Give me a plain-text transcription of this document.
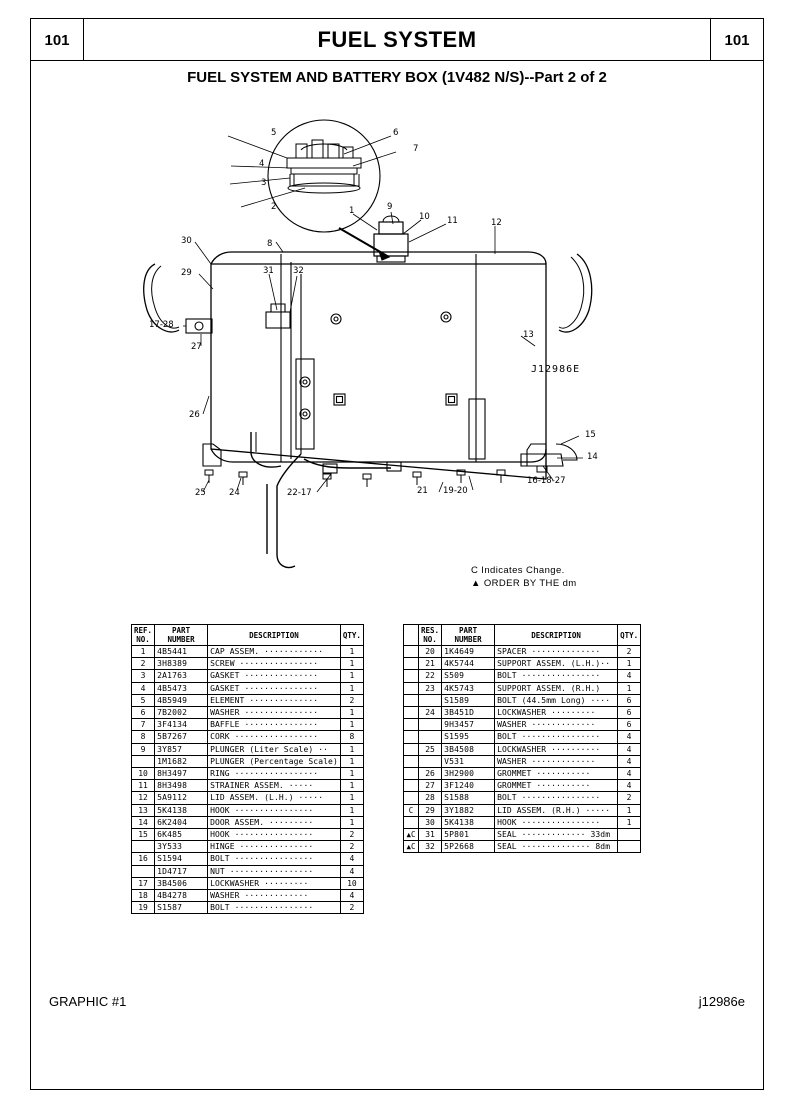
101	FUEL SYSTEM	101
FUEL SYSTEM AND BATTERY BOX (1V482 N/S)--Part 2 of 2
5	6
7
4
3
2
8
1	9
10 11	12
13
14
15
16-18-27
17-28
19-20
21
22-17
24
25
26
27
29
30
31 32
C Indicates Change.
▲ ORDER BY THE dm
J12986E
REF.
NO.	PART
NUMBER	DESCRIPTION	QTY.
1	4B5441	CAP ASSEM. ············	1
2	3H8389	SCREW ················	1
3	2A1763	GASKET ···············	1
4	4B5473	GASKET ···············	1
5	4B5949	ELEMENT ··············	2
6	7B2002	WASHER ···············	1
7	3F4134	BAFFLE ···············	1
8	5B7267	CORK ·················	8
9	3Y857	PLUNGER (Liter Scale) ··	1
	1M1682	PLUNGER (Percentage Scale)	1
10	8H3497	RING ·················	1
11	8H3498	STRAINER ASSEM. ·····	1
12	5A9112	LID ASSEM. (L.H.) ·····	1
13	5K4138	HOOK ················	1
14	6K2404	DOOR ASSEM. ·········	1
15	6K485	HOOK ················	2
	3Y533	HINGE ···············	2
16	S1594	BOLT ················	4
	1D4717	NUT ·················	4
17	3B4506	LOCKWASHER ·········	10
18	4B4278	WASHER ·············	4
19	S1587	BOLT ················	2
	RES.
NO.	PART
NUMBER	DESCRIPTION	QTY.
	20	1K4649	SPACER ··············	2
	21	4K5744	SUPPORT ASSEM. (L.H.)··	1
	22	S509	BOLT ················	4
	23	4K5743	SUPPORT ASSEM. (R.H.)	1
		S1589	BOLT (44.5mm Long) ····	6
	24	3B451D	LOCKWASHER ·········	6
		9H3457	WASHER ·············	6
		S1595	BOLT ················	4
	25	3B4508	LOCKWASHER ··········	4
		V531	WASHER ·············	4
	26	3H2900	GROMMET ···········	4
	27	3F1240	GROMMET ···········	4
	28	S1588	BOLT ················	2
C	29	3Y1882	LID ASSEM. (R.H.) ·····	1
	30	5K4138	HOOK ················	1
▲C	31	5P801	SEAL ············· 33dm	
▲C	32	5P2668	SEAL ·············· 8dm	
GRAPHIC #1	j12986e
